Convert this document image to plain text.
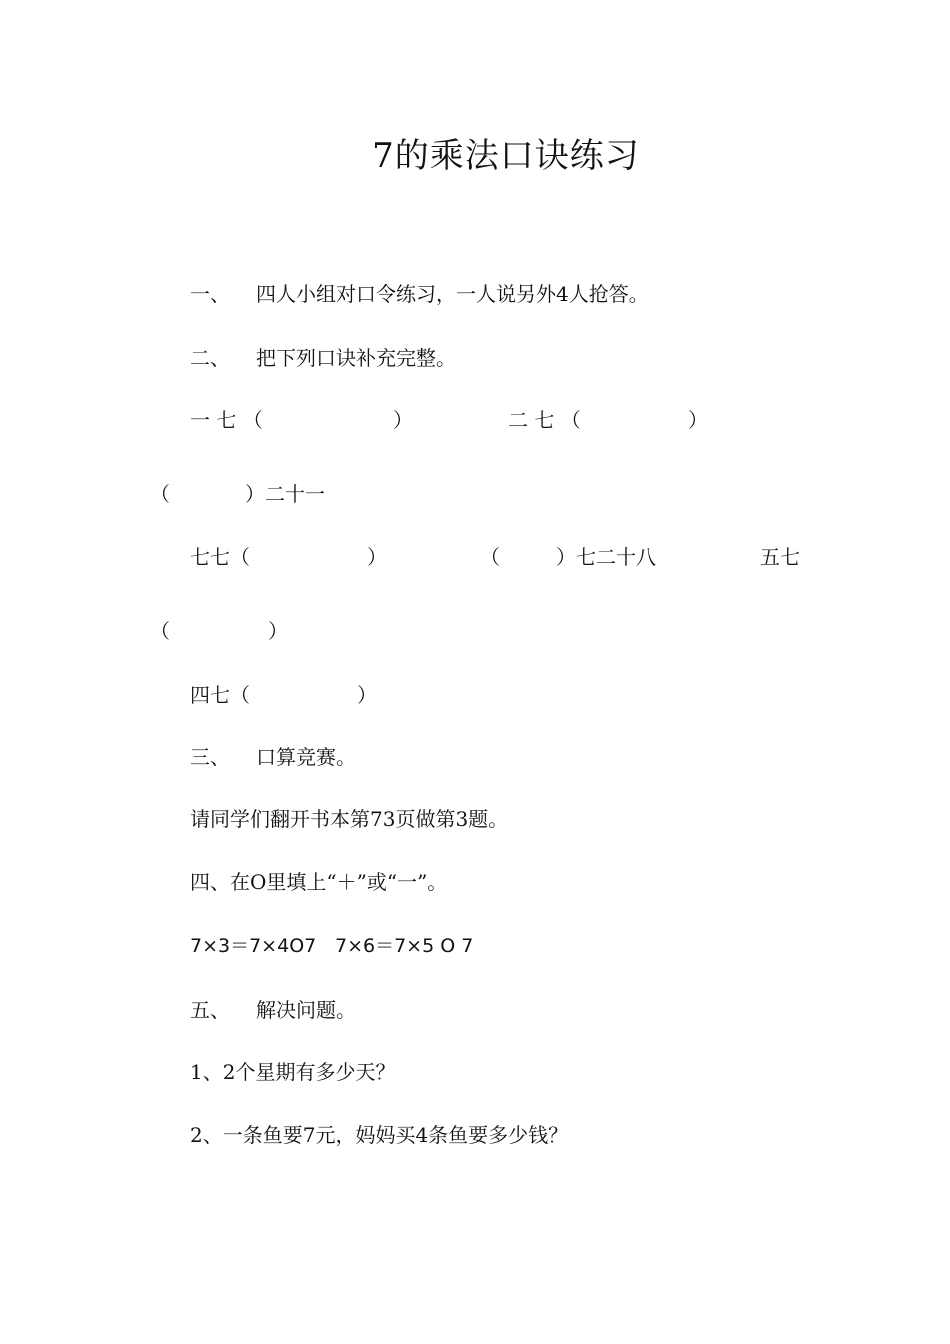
7的乘法口诀练习
一、 四人小组对口令练习，一人说另外4人抢答。
二、 把下列口诀补充完整。
一 七 （	）	二 七 （	）
（	）二十一
七七（	）	（	）七二十八	五七
（	）
四七（	）
三、 口算竞赛。
请同学们翻开书本第73页做第3题。
四、在O里填上“＋”或“一”。
7×3＝7×4O7 7×6＝7×5 O 7
五、 解决问题。
1、2个星期有多少天？
2、一条鱼要7元，妈妈买4条鱼要多少钱？
